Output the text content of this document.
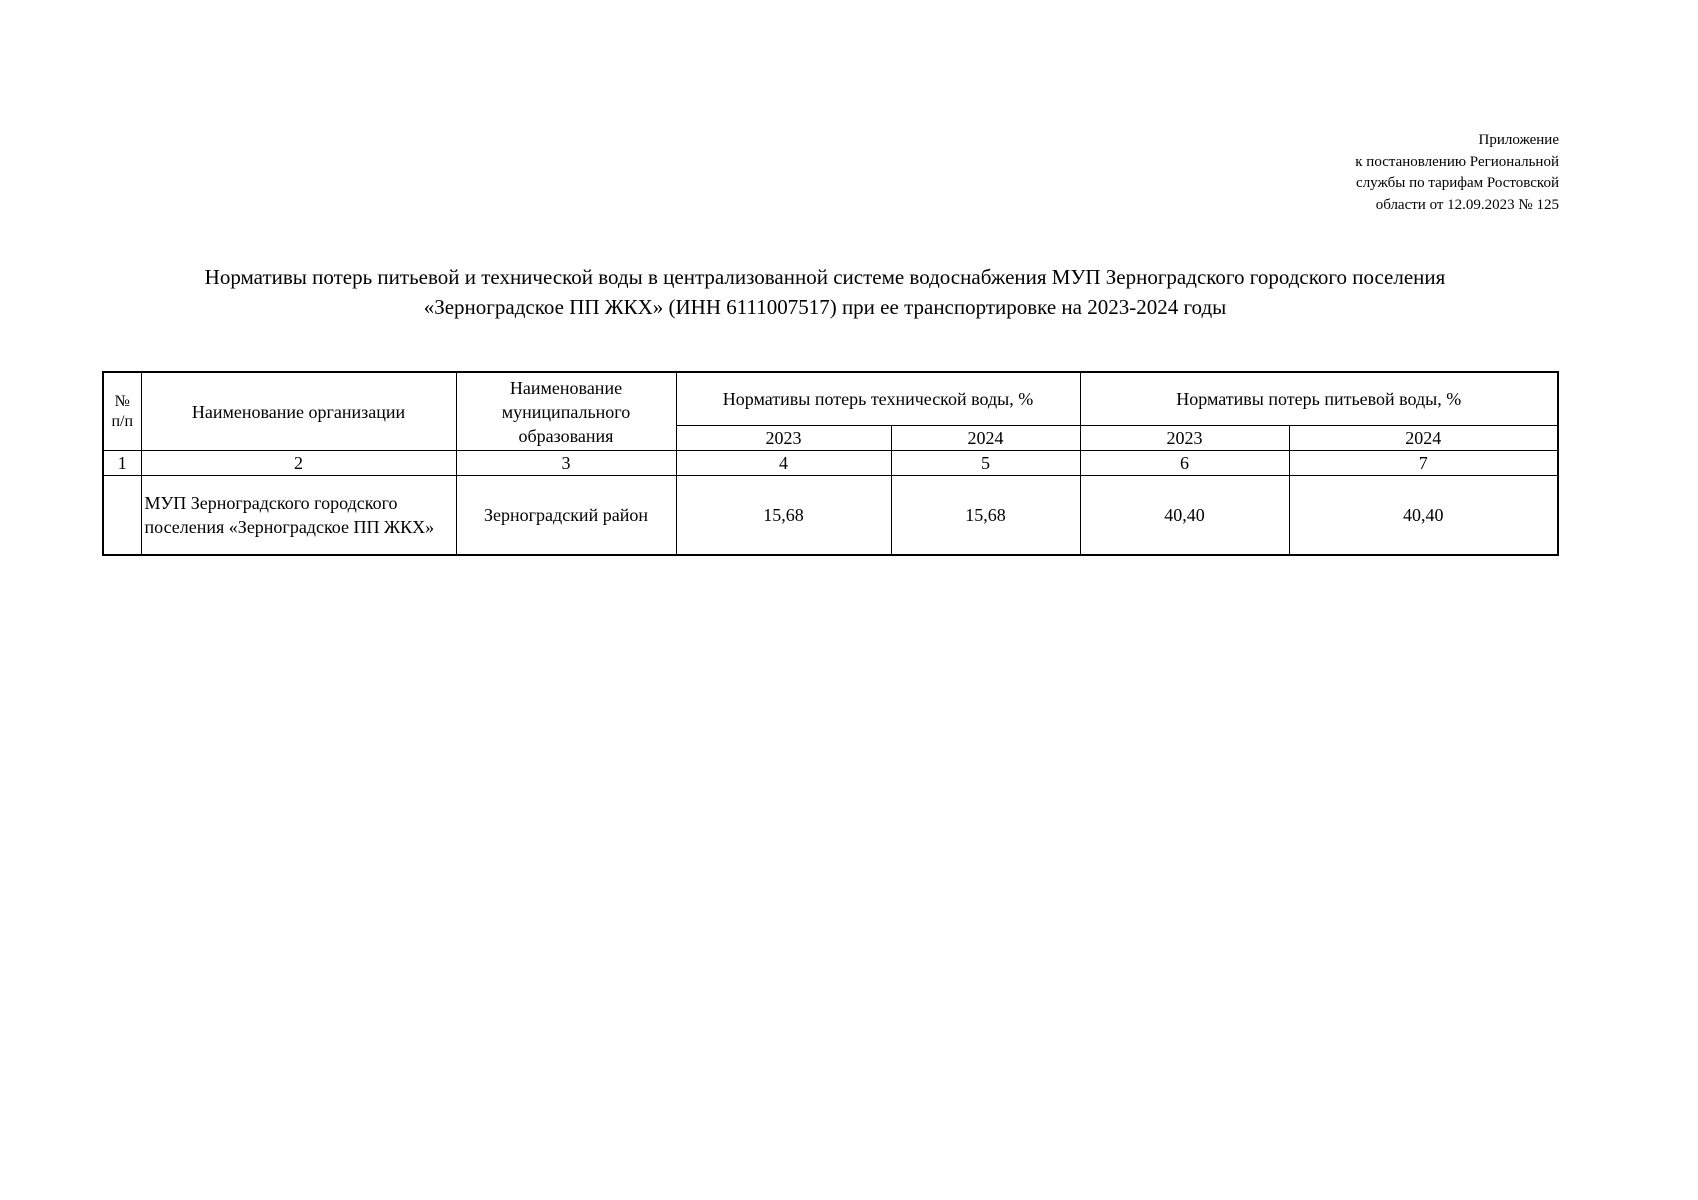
Приложение
к постановлению Региональной
службы по тарифам Ростовской
области от 12.09.2023 № 125
Нормативы потерь питьевой и технической воды в централизованной системе водоснабжения МУП Зерноградского городского поселения
«Зерноградское ПП ЖКХ» (ИНН 6111007517) при ее транспортировке на 2023-2024 годы
№ п/п	Наименование организации	Наименование муниципального образования	Нормативы потерь технической воды, %		Нормативы потерь питьевой воды, %	
			2023	2024	2023	2024
1	2	3	4	5	6	7
	МУП Зерноградского городского поселения «Зерноградское ПП ЖКХ»	Зерноградский район	15,68	15,68	40,40	40,40
